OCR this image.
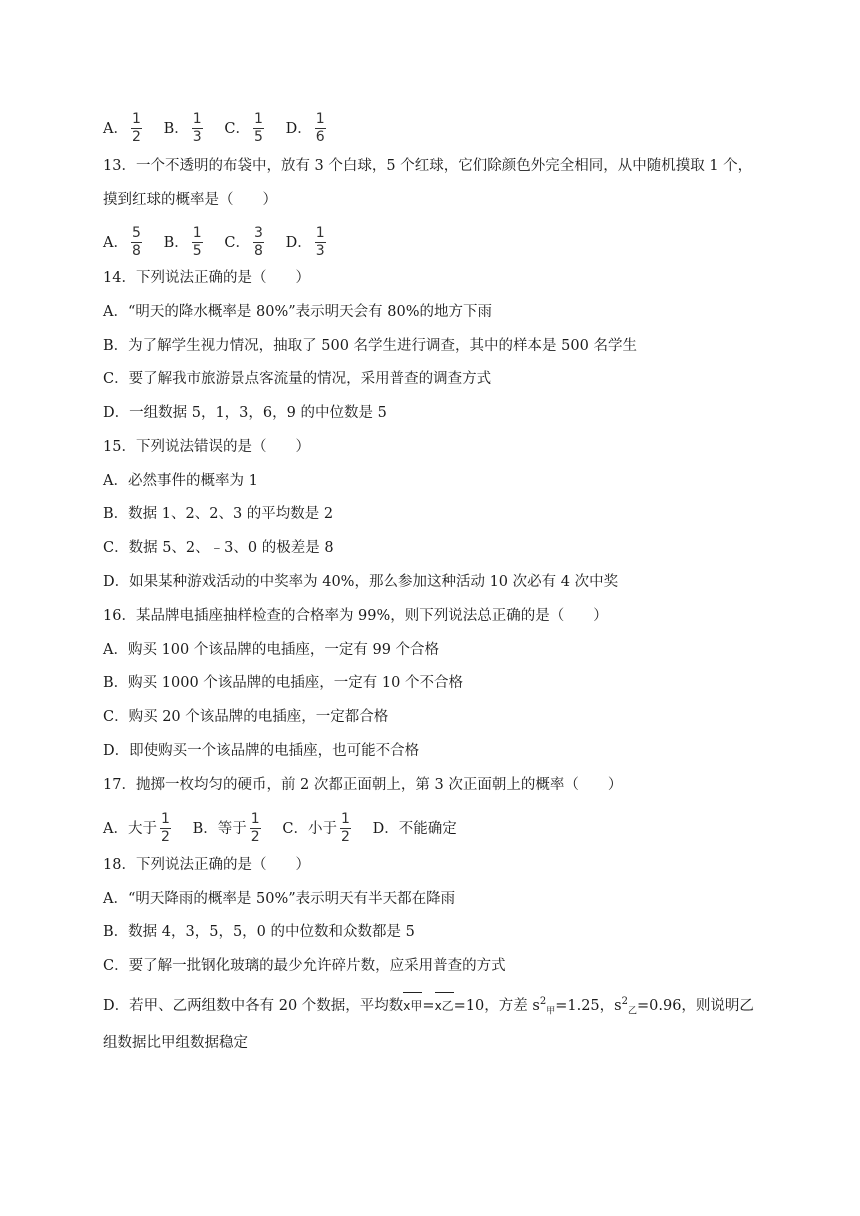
A． $\frac{1}{2}$
B． $\frac{1}{3}$
C． $\frac{1}{5}$
D． $\frac{1}{6}$
13．一个不透明的布袋中，放有 3 个白球，5 个红球，它们除颜色外完全相同，从中随机摸取 1 个，
摸到红球的概率是（　　）
A． $\frac{5}{8}$
B． $\frac{1}{5}$
C． $\frac{3}{8}$
D． $\frac{1}{3}$
14．下列说法正确的是（　　）
A．“明天的降水概率是 80%”表示明天会有 80%的地方下雨
B．为了解学生视力情况，抽取了 500 名学生进行调查，其中的样本是 500 名学生
C．要了解我市旅游景点客流量的情况，采用普查的调查方式
D．一组数据 5，1，3，6，9 的中位数是 5
15．下列说法错误的是（　　）
A．必然事件的概率为 1
B．数据 1、2、2、3 的平均数是 2
C．数据 5、2、﹣3、0 的极差是 8
D．如果某种游戏活动的中奖率为 40%，那么参加这种活动 10 次必有 4 次中奖
16．某品牌电插座抽样检查的合格率为 99%，则下列说法总正确的是（　　）
A．购买 100 个该品牌的电插座，一定有 99 个合格
B．购买 1000 个该品牌的电插座，一定有 10 个不合格
C．购买 20 个该品牌的电插座，一定都合格
D．即使购买一个该品牌的电插座，也可能不合格
17．抛掷一枚均匀的硬币，前 2 次都正面朝上，第 3 次正面朝上的概率（　　）
A．大于 $\frac{1}{2}$
B．等于 $\frac{1}{2}$
C．小于 $\frac{1}{2}$ D．不能确定
18．下列说法正确的是（　　）
A．“明天降雨的概率是 50%”表示明天有半天都在降雨
B．数据 4，3，5，5，0 的中位数和众数都是 5
C．要了解一批钢化玻璃的最少允许碎片数，应采用普查的方式
D．若甲、乙两组数中各有 20 个数据，平均数x甲=x乙=10，方差 $s^2_甲=1.25$，$s^2_乙=0.96$，则说明乙
组数据比甲组数据稳定
